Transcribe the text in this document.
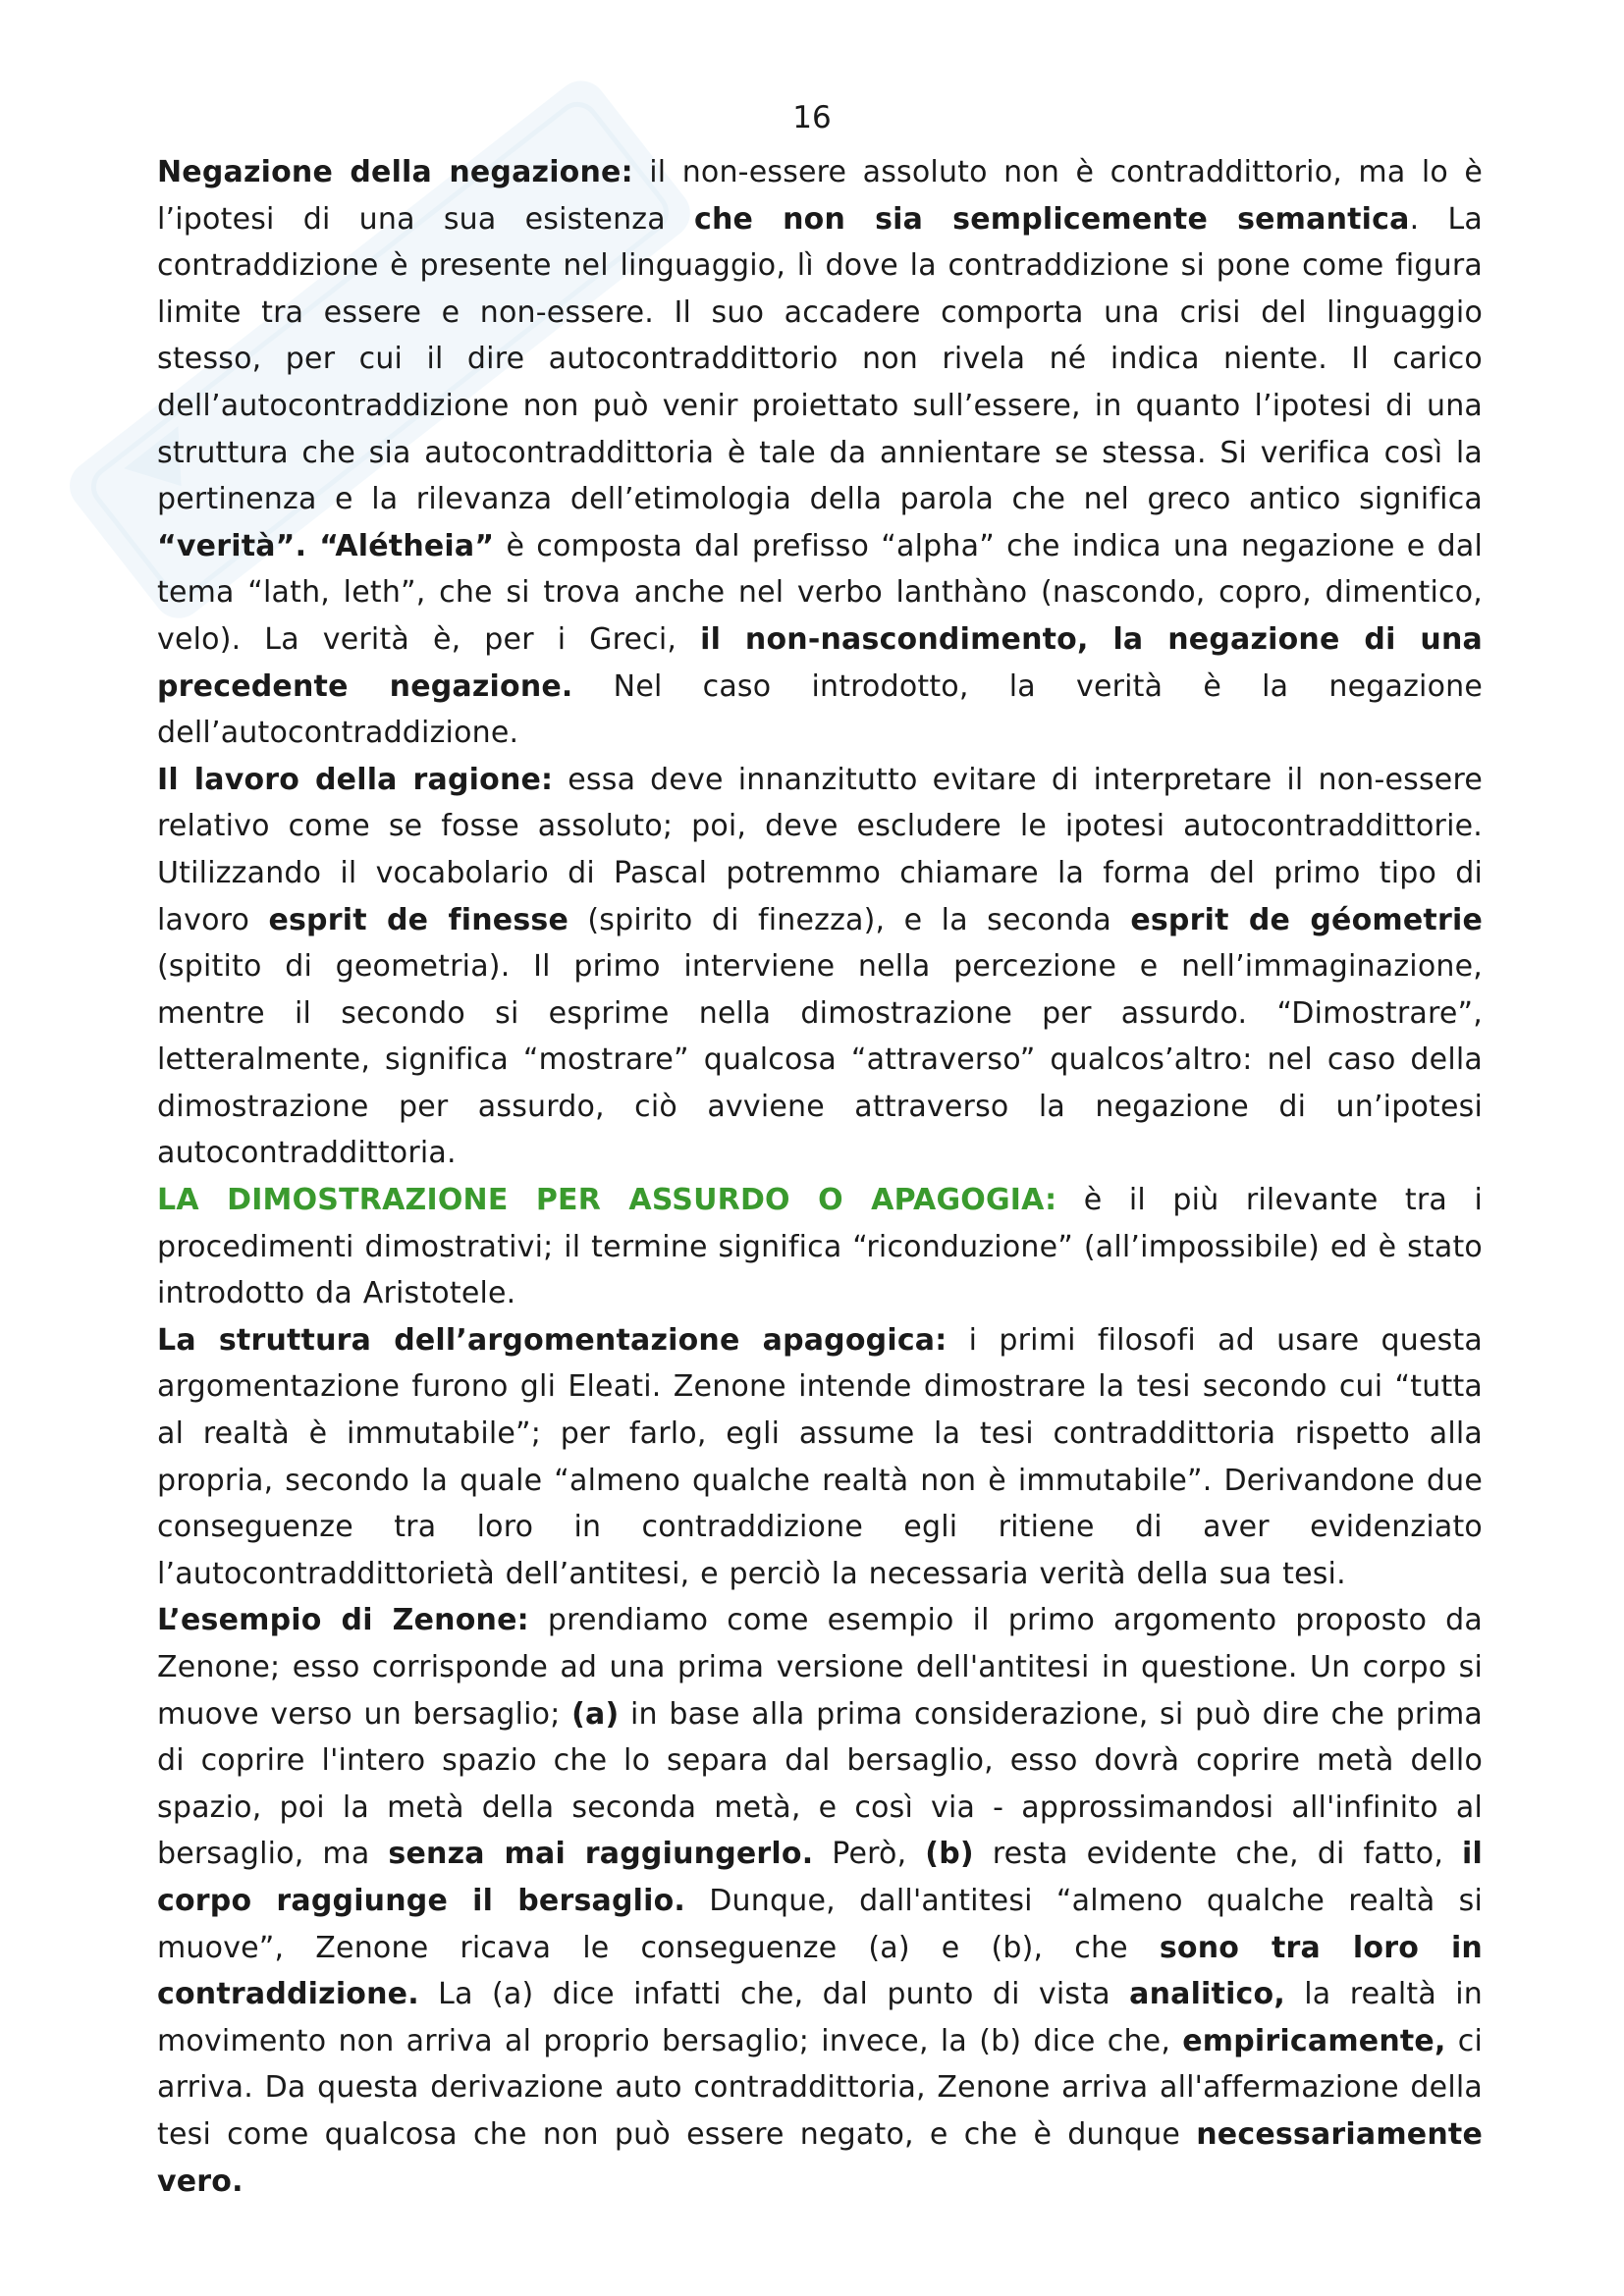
16

Negazione della negazione: il non-essere assoluto non è contraddittorio, ma lo è l’ipotesi di una sua esistenza che non sia semplicemente semantica. La contraddizione è presente nel linguaggio, lì dove la contraddizione si pone come figura limite tra essere e non-essere. Il suo accadere comporta una crisi del linguaggio stesso, per cui il dire autocontraddittorio non rivela né indica niente. Il carico dell’autocontraddizione non può venir proiettato sull’essere, in quanto l’ipotesi di una struttura che sia autocontraddittoria è tale da annientare se stessa. Si verifica così la pertinenza e la rilevanza dell’etimologia della parola che nel greco antico significa “verità”. “Alétheia” è composta dal prefisso “alpha” che indica una negazione e dal tema “lath, leth”, che si trova anche nel verbo lanthàno (nascondo, copro, dimentico, velo). La verità è, per i Greci, il non-nascondimento, la negazione di una precedente negazione. Nel caso introdotto, la verità è la negazione dell’autocontraddizione.

Il lavoro della ragione: essa deve innanzitutto evitare di interpretare il non-essere relativo come se fosse assoluto; poi, deve escludere le ipotesi autocontraddittorie. Utilizzando il vocabolario di Pascal potremmo chiamare la forma del primo tipo di lavoro esprit de finesse (spirito di finezza), e la seconda esprit de géometrie (spitito di geometria). Il primo interviene nella percezione e nell’immaginazione, mentre il secondo si esprime nella dimostrazione per assurdo. “Dimostrare”, letteralmente, significa “mostrare” qualcosa “attraverso” qualcos’altro: nel caso della dimostrazione per assurdo, ciò avviene attraverso la negazione di un’ipotesi autocontraddittoria.

LA DIMOSTRAZIONE PER ASSURDO O APAGOGIA: è il più rilevante tra i procedimenti dimostrativi; il termine significa “riconduzione” (all’impossibile) ed è stato introdotto da Aristotele.

La struttura dell’argomentazione apagogica: i primi filosofi ad usare questa argomentazione furono gli Eleati. Zenone intende dimostrare la tesi secondo cui “tutta al realtà è immutabile”; per farlo, egli assume la tesi contraddittoria rispetto alla propria, secondo la quale “almeno qualche realtà non è immutabile”. Derivandone due conseguenze tra loro in contraddizione egli ritiene di aver evidenziato l’autocontraddittorietà dell’antitesi, e perciò la necessaria verità della sua tesi.

L’esempio di Zenone: prendiamo come esempio il primo argomento proposto da Zenone; esso corrisponde ad una prima versione dell'antitesi in questione. Un corpo si muove verso un bersaglio; (a) in base alla prima considerazione, si può dire che prima di coprire l'intero spazio che lo separa dal bersaglio, esso dovrà coprire metà dello spazio, poi la metà della seconda metà, e così via - approssimandosi all'infinito al bersaglio, ma senza mai raggiungerlo. Però, (b) resta evidente che, di fatto, il corpo raggiunge il bersaglio. Dunque, dall'antitesi “almeno qualche realtà si muove”, Zenone ricava le conseguenze (a) e (b), che sono tra loro in contraddizione. La (a) dice infatti che, dal punto di vista analitico, la realtà in movimento non arriva al proprio bersaglio; invece, la (b) dice che, empiricamente, ci arriva. Da questa derivazione auto contraddittoria, Zenone arriva all'affermazione della tesi come qualcosa che non può essere negato, e che è dunque necessariamente vero.
